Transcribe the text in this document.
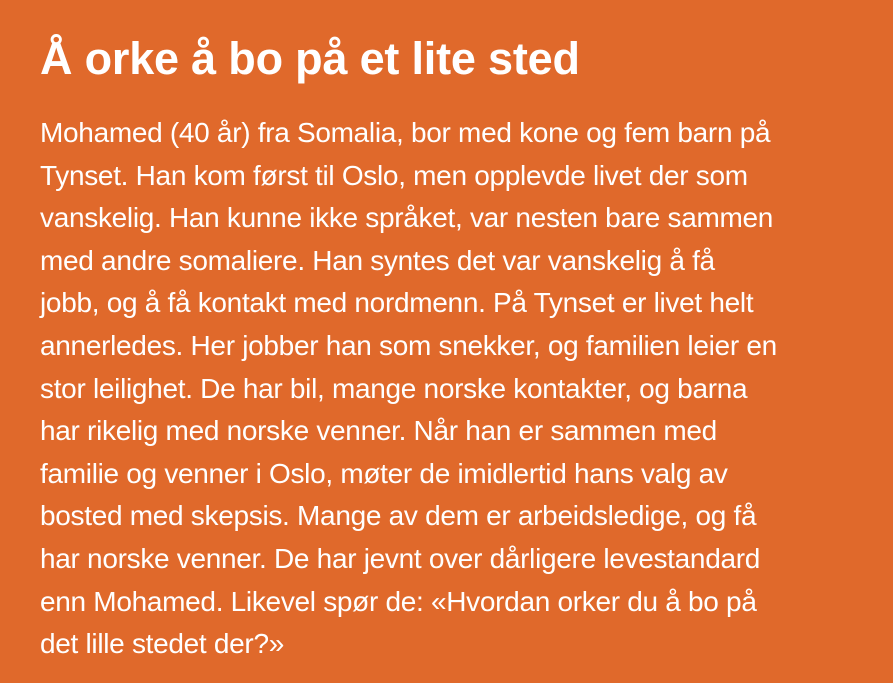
Å orke å bo på et lite sted

Mohamed (40 år) fra Somalia, bor med kone og fem barn på
Tynset. Han kom først til Oslo, men opplevde livet der som
vanskelig. Han kunne ikke språket, var nesten bare sammen
med andre somaliere. Han syntes det var vanskelig å få
jobb, og å få kontakt med nordmenn. På Tynset er livet helt
annerledes. Her jobber han som snekker, og familien leier en
stor leilighet. De har bil, mange norske kontakter, og barna
har rikelig med norske venner. Når han er sammen med
familie og venner i Oslo, møter de imidlertid hans valg av
bosted med skepsis. Mange av dem er arbeidsledige, og få
har norske venner. De har jevnt over dårligere levestandard
enn Mohamed. Likevel spør de: «Hvordan orker du å bo på
det lille stedet der?»
